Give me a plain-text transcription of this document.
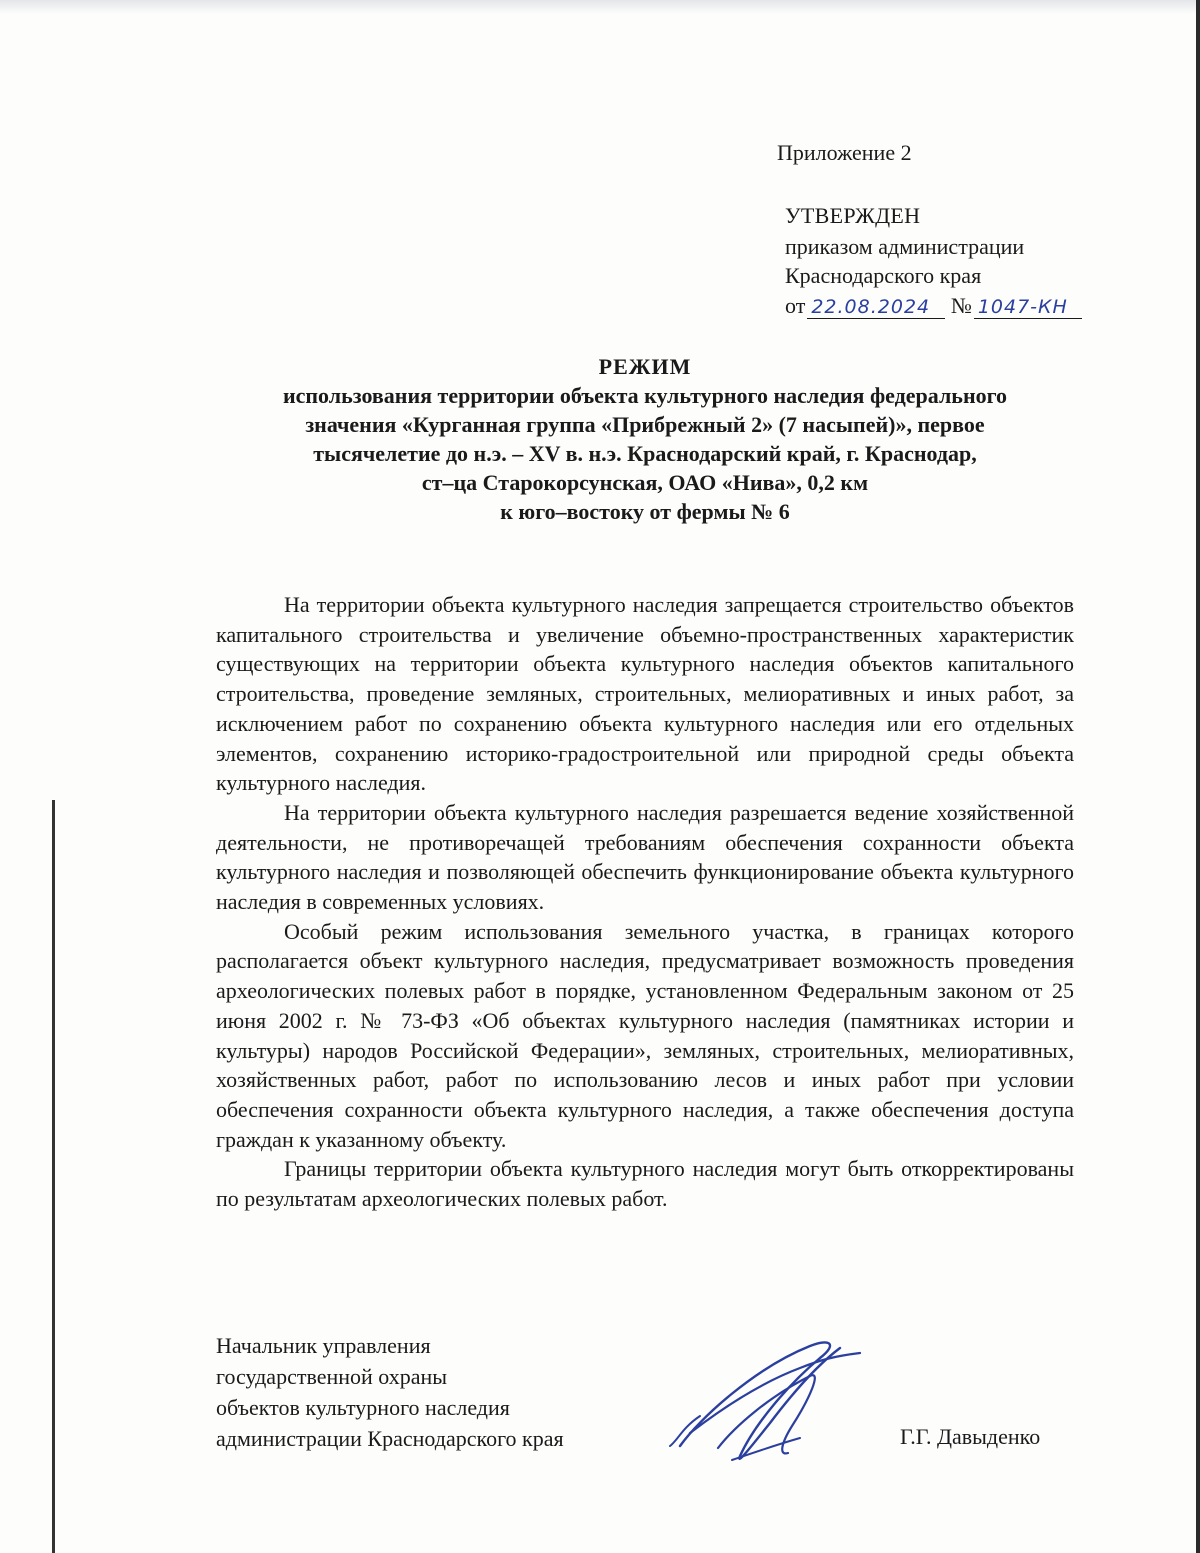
Приложение 2
УТВЕРЖДЕН
приказом администрации
Краснодарского края
от 22.08.2024 № 1047-КН
РЕЖИМ
использования территории объекта культурного наследия федерального
значения «Курганная группа «Прибрежный 2» (7 насыпей)», первое
тысячелетие до н.э. – XV в. н.э. Краснодарский край, г. Краснодар,
ст–ца Старокорсунская, ОАО «Нива», 0,2 км
к юго–востоку от фермы № 6

На территории объекта культурного наследия запрещается строительство объектов капитального строительства и увеличение объемно-пространственных характеристик существующих на территории объекта культурного наследия объектов капитального строительства, проведение земляных, строительных, мелиоративных и иных работ, за исключением работ по сохранению объекта культурного наследия или его отдельных элементов, сохранению историко-градостроительной или природной среды объекта культурного наследия.

На территории объекта культурного наследия разрешается ведение хозяйственной деятельности, не противоречащей требованиям обеспечения сохранности объекта культурного наследия и позволяющей обеспечить функционирование объекта культурного наследия в современных условиях.

Особый режим использования земельного участка, в границах которого располагается объект культурного наследия, предусматривает возможность проведения археологических полевых работ в порядке, установленном Федеральным законом от 25 июня 2002 г. № 73-ФЗ «Об объектах культурного наследия (памятниках истории и культуры) народов Российской Федерации», земляных, строительных, мелиоративных, хозяйственных работ, работ по использованию лесов и иных работ при условии обеспечения сохранности объекта культурного наследия, а также обеспечения доступа граждан к указанному объекту.

Границы территории объекта культурного наследия могут быть откорректированы по результатам археологических полевых работ.

Начальник управления
государственной охраны
объектов культурного наследия
администрации Краснодарского края	Г.Г. Давыденко
